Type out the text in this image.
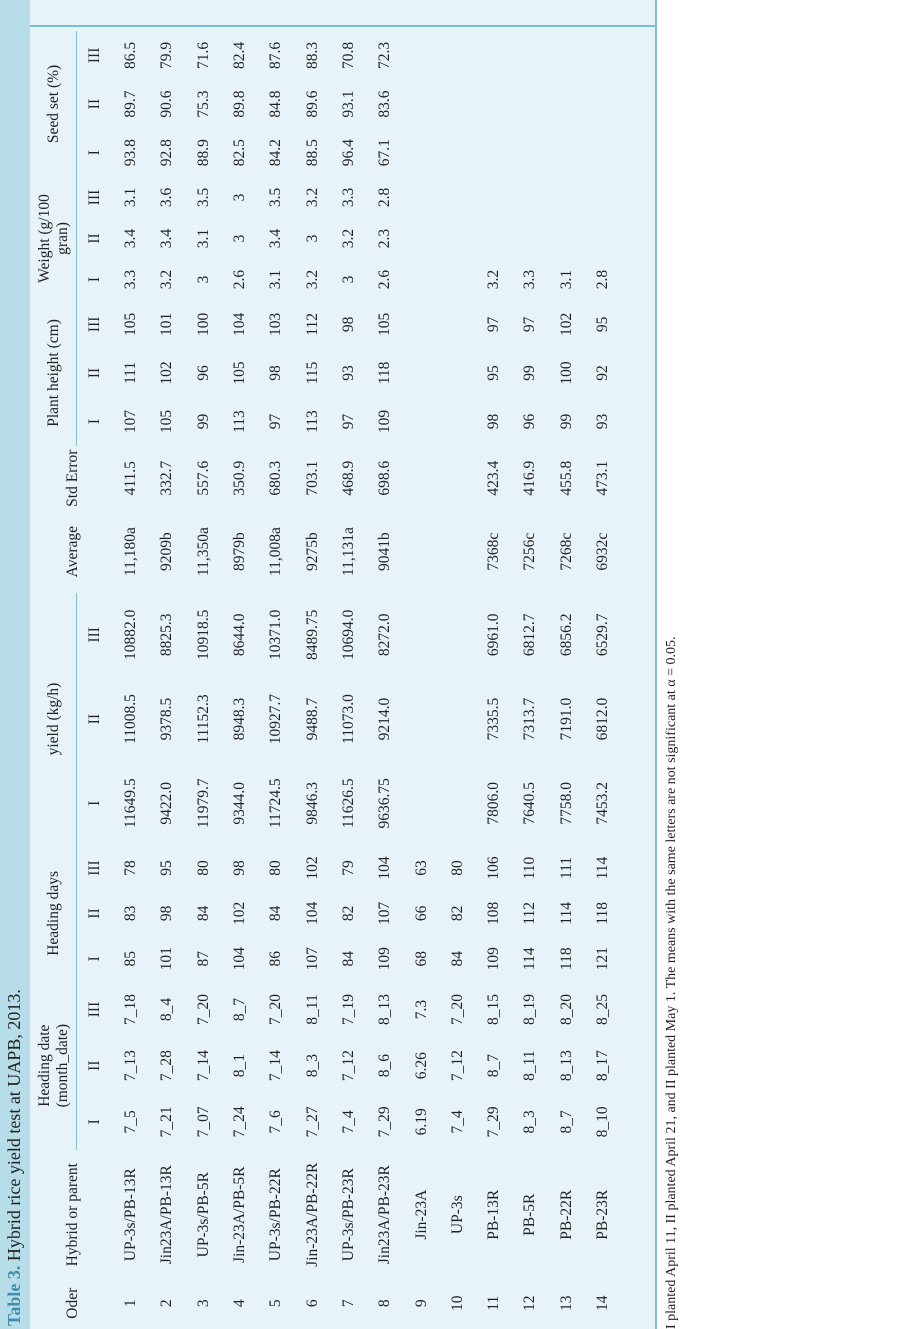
Table 3. Hybrid rice yield test at UAPB, 2013.
Oder	Hybrid or parent	Heading date (month_date)			Heading days			yield (kg/h)			Average	Std Error	Plant height (cm)			Weight (g/100 gran)			Seed set (%)		
		I	II	III	I	II	III	I	II	III			I	II	III	I	II	III	I	II	III
1	UP-3s/PB-13R	7_5	7_13	7_18	85	83	78	11649.5	11008.5	10882.0	11,180a	411.5	107	111	105	3.3	3.4	3.1	93.8	89.7	86.5
2	Jin23A/PB-13R	7_21	7_28	8_4	101	98	95	9422.0	9378.5	8825.3	9209b	332.7	105	102	101	3.2	3.4	3.6	92.8	90.6	79.9
3	UP-3s/PB-5R	7_07	7_14	7_20	87	84	80	11979.7	11152.3	10918.5	11,350a	557.6	99	96	100	3	3.1	3.5	88.9	75.3	71.6
4	Jin-23A/PB-5R	7_24	8_1	8_7	104	102	98	9344.0	8948.3	8644.0	8979b	350.9	113	105	104	2.6	3	3	82.5	89.8	82.4
5	UP-3s/PB-22R	7_6	7_14	7_20	86	84	80	11724.5	10927.7	10371.0	11,008a	680.3	97	98	103	3.1	3.4	3.5	84.2	84.8	87.6
6	Jin-23A/PB-22R	7_27	8_3	8_11	107	104	102	9846.3	9488.7	8489.75	9275b	703.1	113	115	112	3.2	3	3.2	88.5	89.6	88.3
7	UP-3s/PB-23R	7_4	7_12	7_19	84	82	79	11626.5	11073.0	10694.0	11,131a	468.9	97	93	98	3	3.2	3.3	96.4	93.1	70.8
8	Jin23A/PB-23R	7_29	8_6	8_13	109	107	104	9636.75	9214.0	8272.0	9041b	698.6	109	118	105	2.6	2.3	2.8	67.1	83.6	72.3
9	Jin-23A	6.19	6.26	7.3	68	66	63														
10	UP-3s	7_4	7_12	7_20	84	82	80														
11	PB-13R	7_29	8_7	8_15	109	108	106	7806.0	7335.5	6961.0	7368c	423.4	98	95	97	3.2					
12	PB-5R	8_3	8_11	8_19	114	112	110	7640.5	7313.7	6812.7	7256c	416.9	96	99	97	3.3					
13	PB-22R	8_7	8_13	8_20	118	114	111	7758.0	7191.0	6856.2	7268c	455.8	99	100	102	3.1					
14	PB-23R	8_10	8_17	8_25	121	118	114	7453.2	6812.0	6529.7	6932c	473.1	93	92	95	2.8					
I planted April 11, II planted April 21, and II planted May 1. The means with the same letters are not significant at α = 0.05.
